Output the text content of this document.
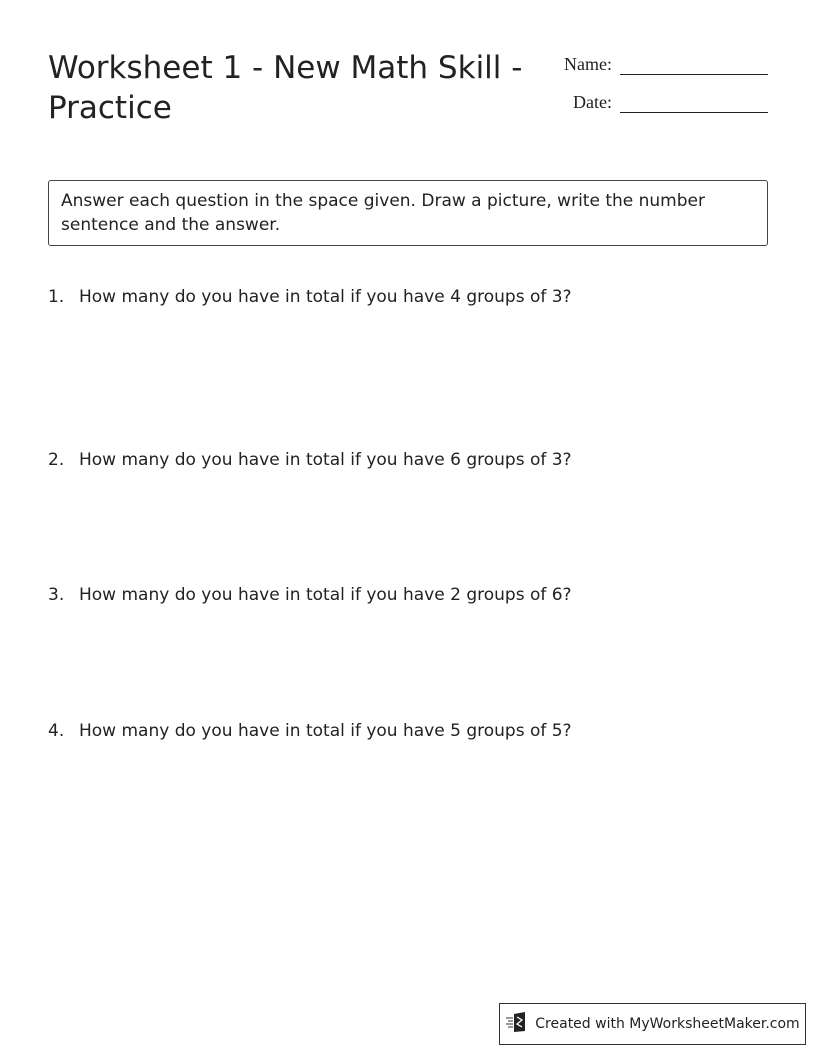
Worksheet 1 - New Math Skill - Practice
Name:
Date:
Answer each question in the space given. Draw a picture, write the number sentence and the answer.
1. How many do you have in total if you have 4 groups of 3?
2. How many do you have in total if you have 6 groups of 3?
3. How many do you have in total if you have 2 groups of 6?
4. How many do you have in total if you have 5 groups of 5?
Created with MyWorksheetMaker.com
